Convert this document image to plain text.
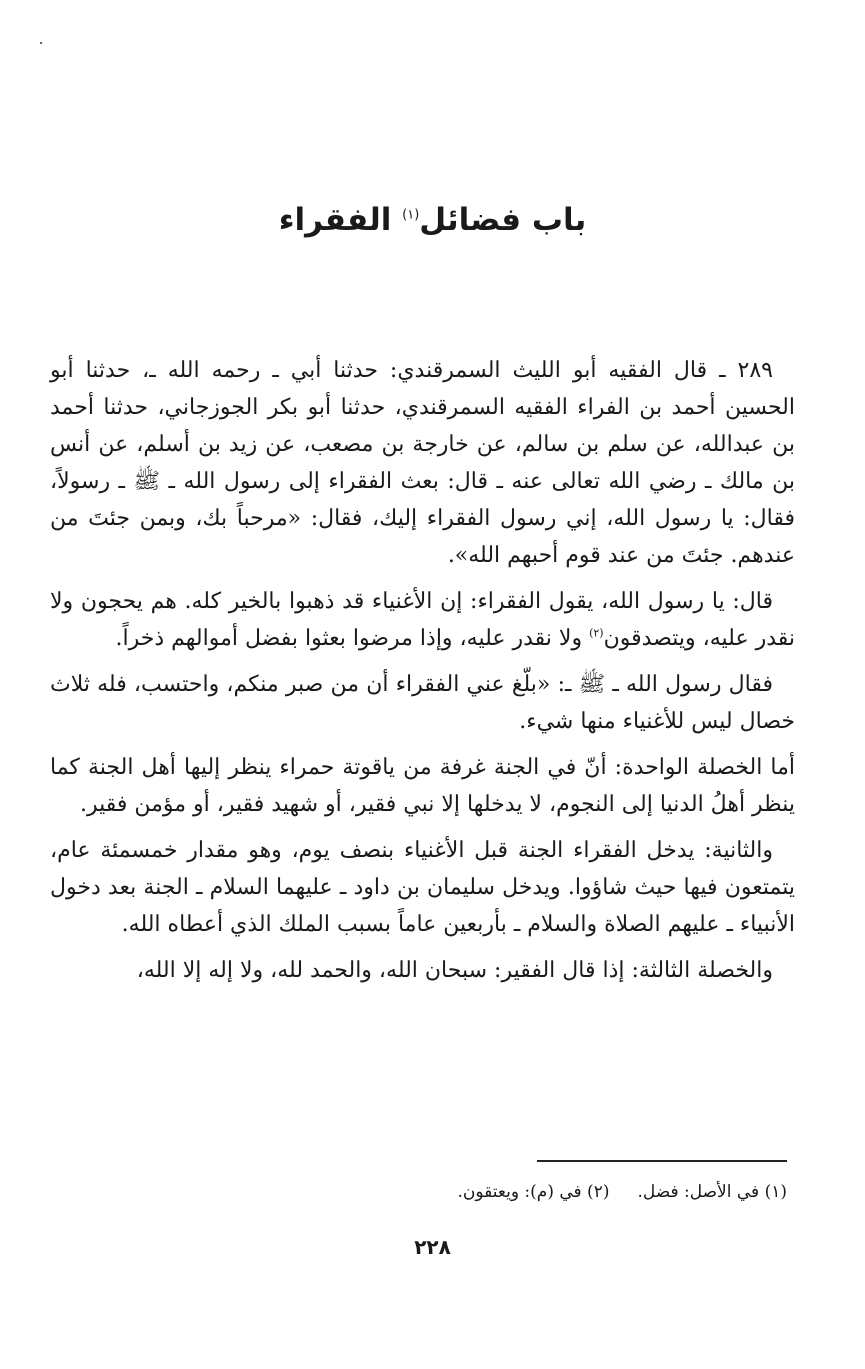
باب فضائل$^{(١)}$ الفقراء

٢٨٩ ـ قال الفقيه أبو الليث السمرقندي: حدثنا أبي ـ رحمه الله ـ، حدثنا أبو الحسين أحمد بن الفراء الفقيه السمرقندي، حدثنا أبو بكر الجوزجاني، حدثنا أحمد بن عبدالله، عن سلم بن سالم، عن خارجة بن مصعب، عن زيد بن أسلم، عن أنس بن مالك ـ رضي الله تعالى عنه ـ قال: بعث الفقراء إلى رسول الله ـ ﷺ ـ رسولاً، فقال: يا رسول الله، إني رسول الفقراء إليك، فقال: «مرحباً بك، وبمن جئتَ من عندهم. جئتَ من عند قوم أحبهم الله».

قال: يا رسول الله، يقول الفقراء: إن الأغنياء قد ذهبوا بالخير كله. هم يحجون ولا نقدر عليه، ويتصدقون$^{(٢)}$ ولا نقدر عليه، وإذا مرضوا بعثوا بفضل أموالهم ذخراً.

فقال رسول الله ـ ﷺ ـ: «بلّغ عني الفقراء أن من صبر منكم، واحتسب، فله ثلاث خصال ليس للأغنياء منها شيء.

أما الخصلة الواحدة: أنّ في الجنة غرفة من ياقوتة حمراء ينظر إليها أهل الجنة كما ينظر أهلُ الدنيا إلى النجوم، لا يدخلها إلا نبي فقير، أو شهيد فقير، أو مؤمن فقير.

والثانية: يدخل الفقراء الجنة قبل الأغنياء بنصف يوم، وهو مقدار خمسمئة عام، يتمتعون فيها حيث شاؤوا. ويدخل سليمان بن داود ـ عليهما السلام ـ الجنة بعد دخول الأنبياء ـ عليهم الصلاة والسلام ـ بأربعين عاماً بسبب الملك الذي أعطاه الله.

والخصلة الثالثة: إذا قال الفقير: سبحان الله، والحمد لله، ولا إله إلا الله،

(١) في الأصل: فضل.(٢) في (م): ويعتقون.
٢٢٨
